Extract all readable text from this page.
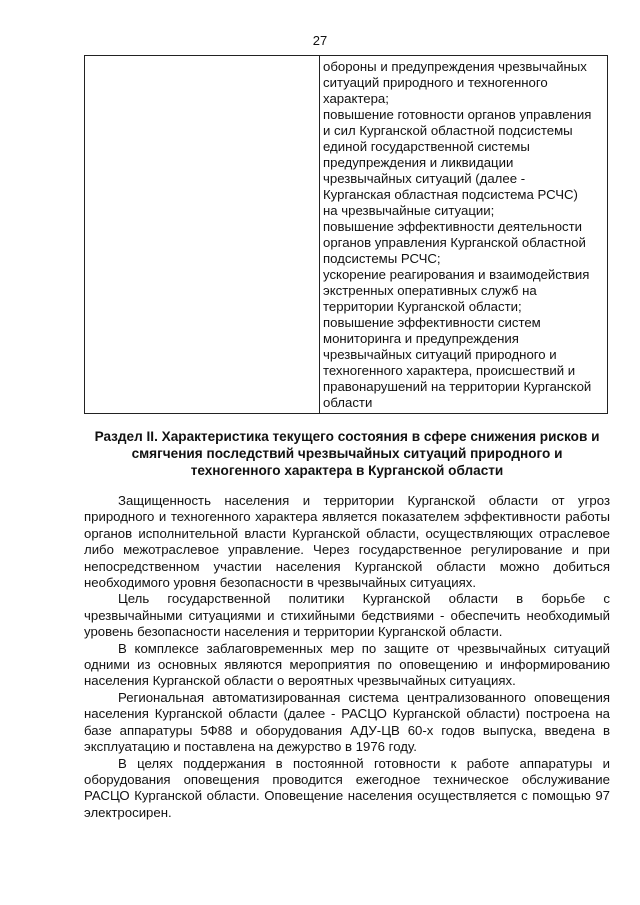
27

обороны и предупреждения чрезвычайных
ситуаций природного и техногенного
характера;
повышение готовности органов управления
и сил Курганской областной подсистемы
единой государственной системы
предупреждения и ликвидации
чрезвычайных ситуаций (далее -
Курганская областная подсистема РСЧС)
на чрезвычайные ситуации;
повышение эффективности деятельности
органов управления Курганской областной
подсистемы РСЧС;
ускорение реагирования и взаимодействия
экстренных оперативных служб на
территории Курганской области;
повышение эффективности систем
мониторинга и предупреждения
чрезвычайных ситуаций природного и
техногенного характера, происшествий и
правонарушений на территории Курганской
области
Раздел II. Характеристика текущего состояния в сфере снижения рисков и
смягчения последствий чрезвычайных ситуаций природного и
техногенного характера в Курганской области

Защищенность населения и территории Курганской области от угроз природного и техногенного характера является показателем эффективности работы органов исполнительной власти Курганской области, осуществляющих отраслевое либо межотраслевое управление. Через государственное регулирование и при непосредственном участии населения Курганской области можно добиться необходимого уровня безопасности в чрезвычайных ситуациях.

Цель государственной политики Курганской области в борьбе с чрезвычайными ситуациями и стихийными бедствиями - обеспечить необходимый уровень безопасности населения и территории Курганской области.

В комплексе заблаговременных мер по защите от чрезвычайных ситуаций одними из основных являются мероприятия по оповещению и информированию населения Курганской области о вероятных чрезвычайных ситуациях.

Региональная автоматизированная система централизованного оповещения населения Курганской области (далее - РАСЦО Курганской области) построена на базе аппаратуры 5Ф88 и оборудования АДУ-ЦВ 60-х годов выпуска, введена в эксплуатацию и поставлена на дежурство в 1976 году.

В целях поддержания в постоянной готовности к работе аппаратуры и оборудования оповещения проводится ежегодное техническое обслуживание РАСЦО Курганской области. Оповещение населения осуществляется с помощью 97 электросирен.
